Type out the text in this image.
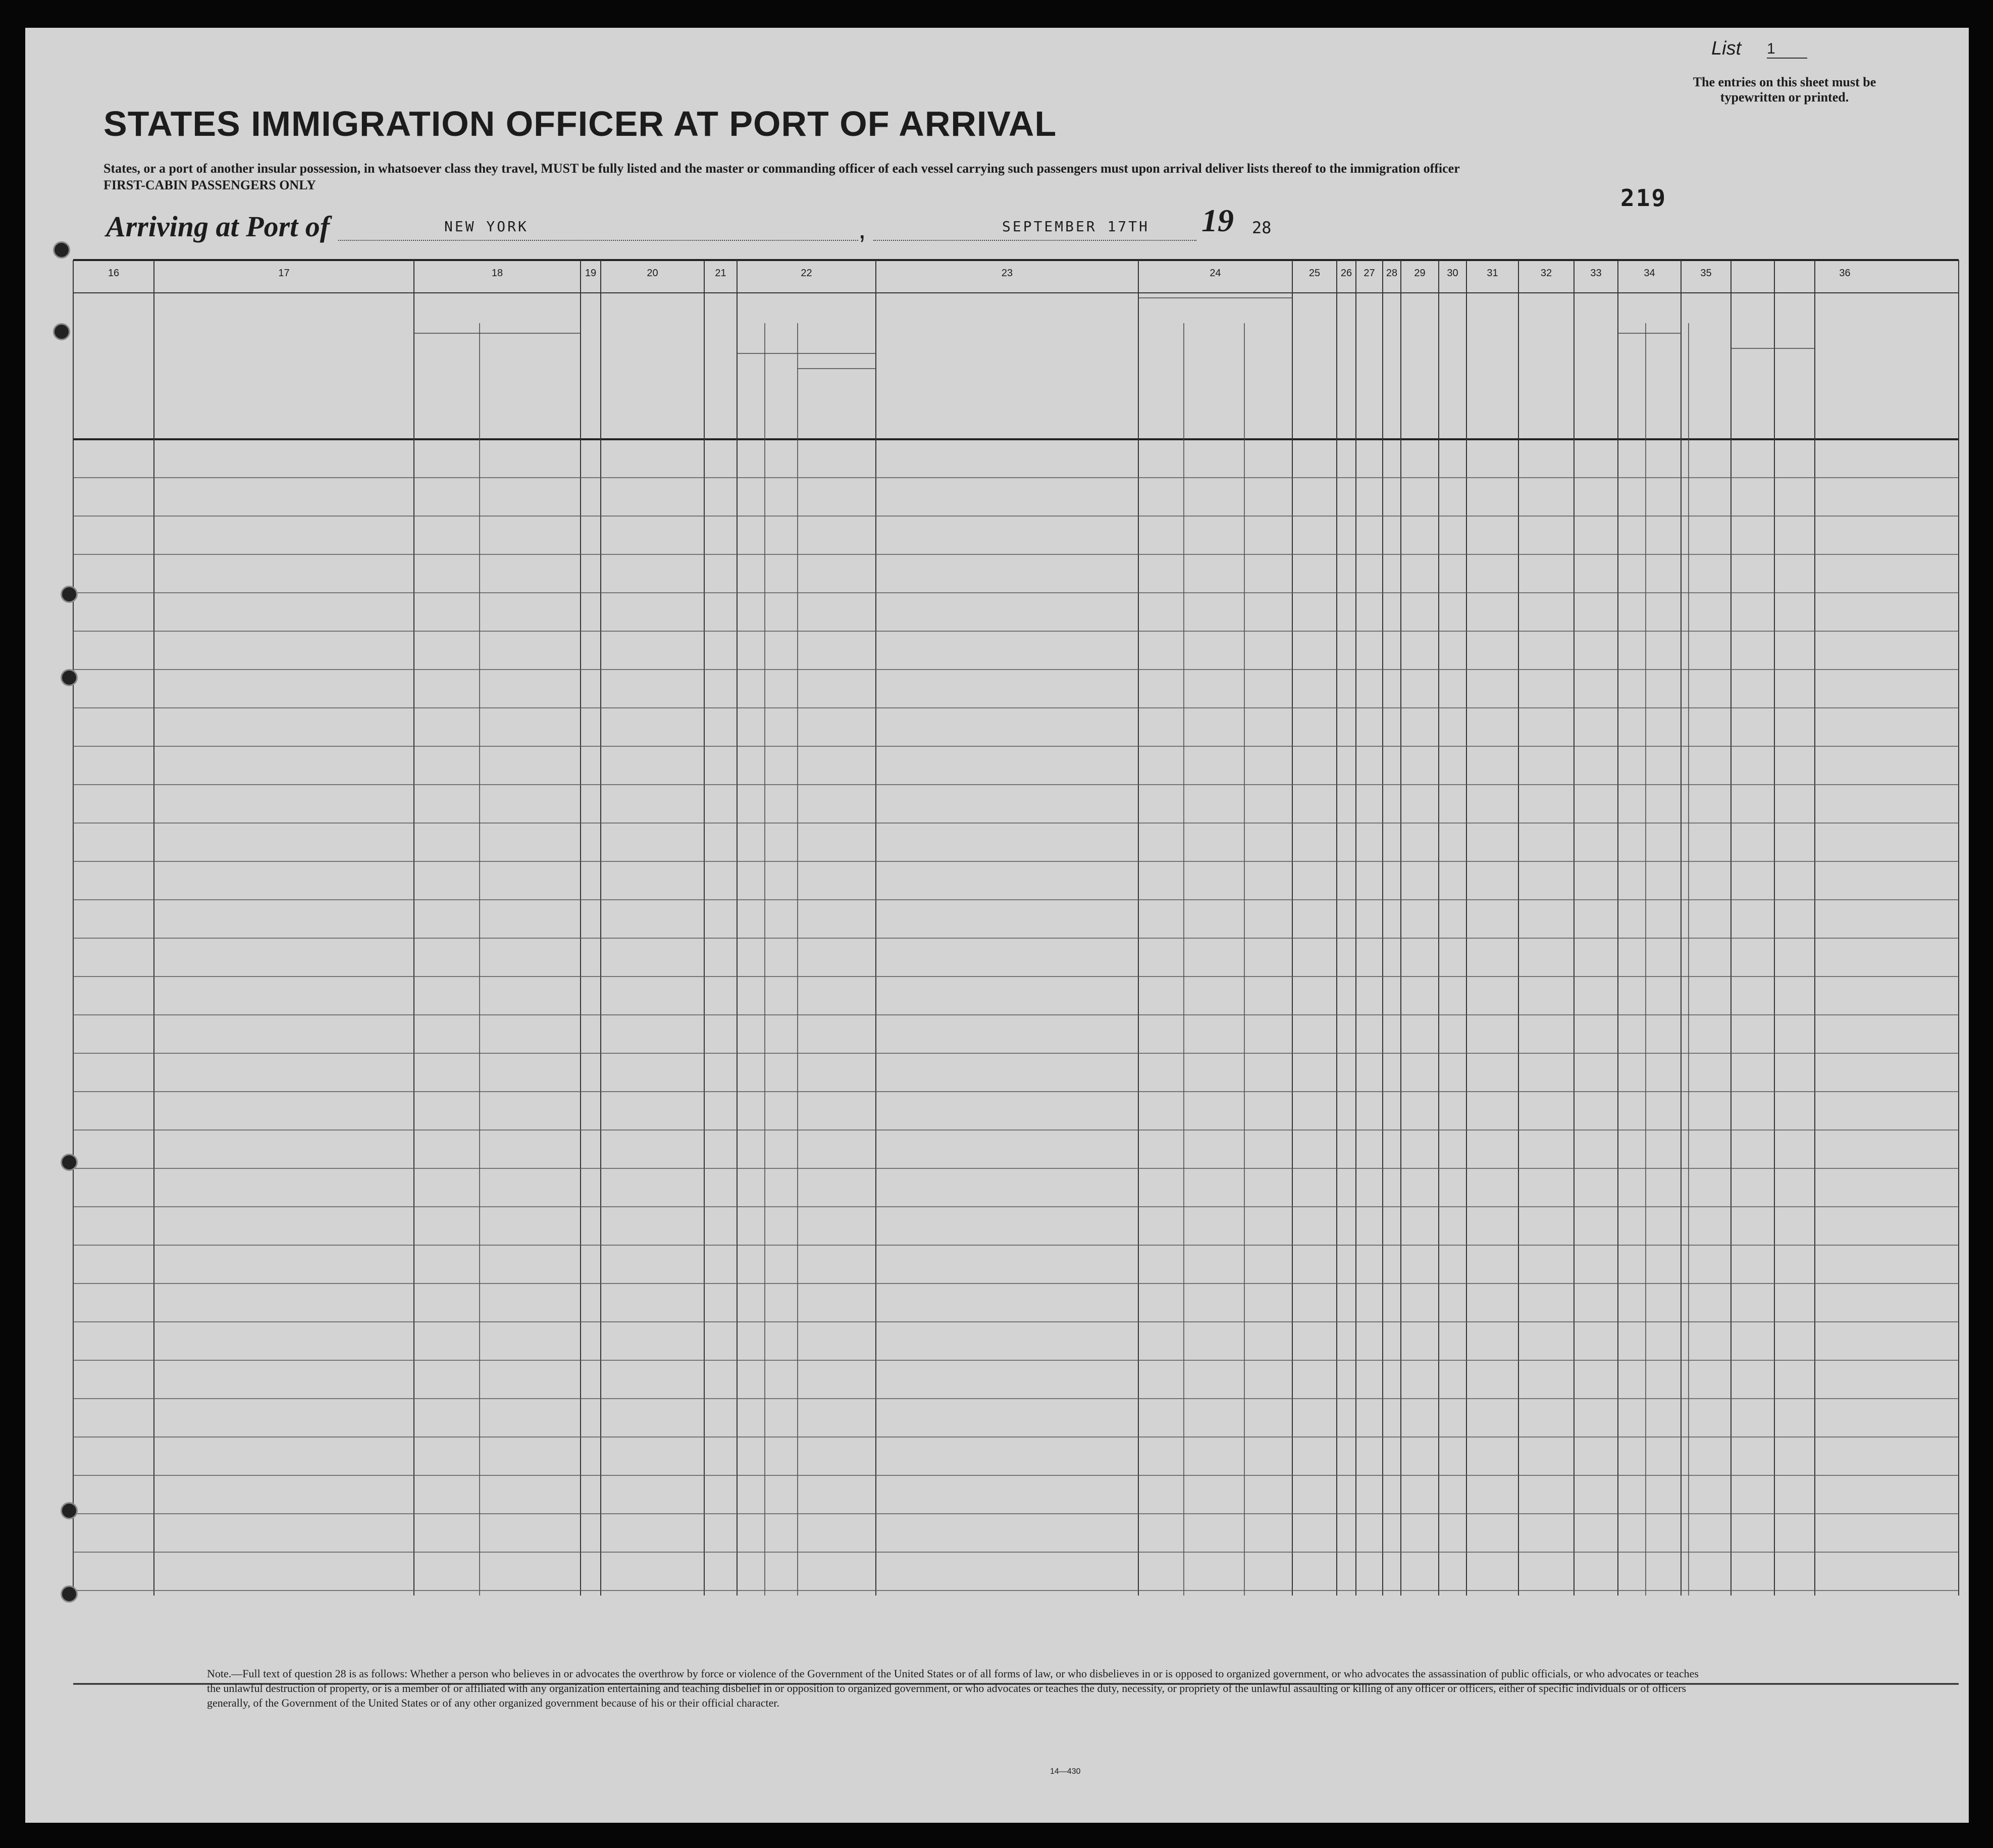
List 1
The entries on this sheet must be typewritten or printed.
STATES IMMIGRATION OFFICER AT PORT OF ARRIVAL
States, or a port of another insular possession, in whatsoever class they travel, MUST be fully listed and the master or commanding officer of each vessel carrying such passengers must upon arrival deliver lists thereof to the immigration officer
FIRST-CABIN PASSENGERS ONLY	219
Arriving at Port of	NEW YORK	,	SEPTEMBER 17TH 19 28
16	17	18	19	20	21	22	23	24	25	26	27	28	29	30	31	32	33	34	35	36
Note.—Full text of question 28 is as follows: Whether a person who believes in or advocates the overthrow by force or violence of the Government of the United States or of all forms of law, or who disbelieves in or is opposed to organized government, or who advocates the assassination of public officials, or who advocates or teaches the unlawful destruction of property, or is a member of or affiliated with any organization entertaining and teaching disbelief in or opposition to organized government, or who advocates or teaches the duty, necessity, or propriety of the unlawful assaulting or killing of any officer or officers, either of specific individuals or of officers generally, of the Government of the United States or of any other organized government because of his or their official character.
14—430
